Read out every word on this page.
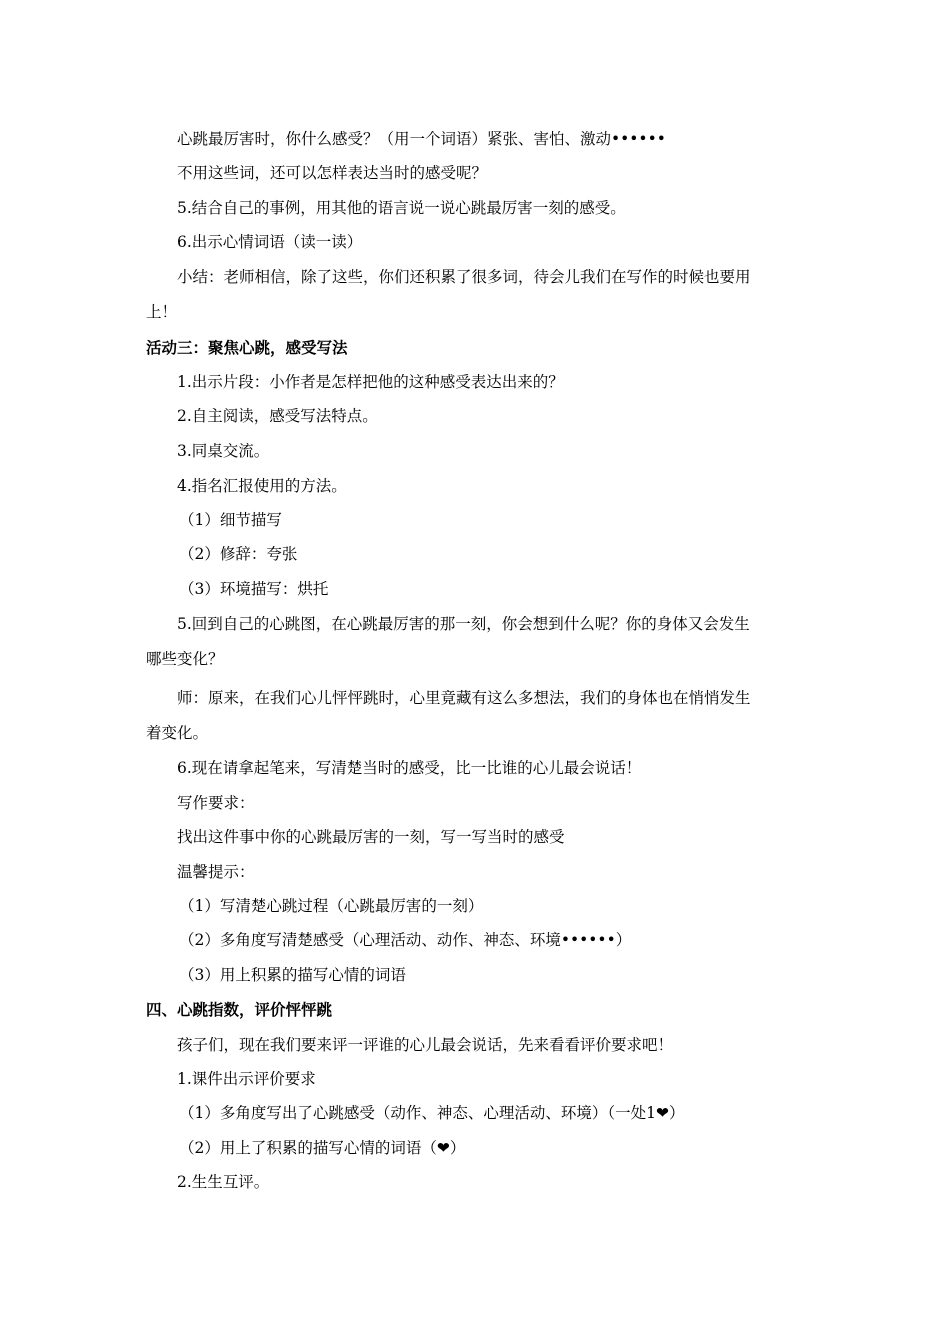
心跳最厉害时，你什么感受？（用一个词语）紧张、害怕、激动••••••
不用这些词，还可以怎样表达当时的感受呢？
5.结合自己的事例，用其他的语言说一说心跳最厉害一刻的感受。
6.出示心情词语（读一读）
小结：老师相信，除了这些，你们还积累了很多词，待会儿我们在写作的时候也要用
上！
活动三：聚焦心跳，感受写法
1.出示片段：小作者是怎样把他的这种感受表达出来的？
2.自主阅读，感受写法特点。
3.同桌交流。
4.指名汇报使用的方法。
（1）细节描写
（2）修辞：夸张
（3）环境描写：烘托
5.回到自己的心跳图，在心跳最厉害的那一刻，你会想到什么呢？你的身体又会发生
哪些变化？
师：原来，在我们心儿怦怦跳时，心里竟藏有这么多想法，我们的身体也在悄悄发生
着变化。
6.现在请拿起笔来，写清楚当时的感受，比一比谁的心儿最会说话！
写作要求：
找出这件事中你的心跳最厉害的一刻，写一写当时的感受
温馨提示：
（1）写清楚心跳过程（心跳最厉害的一刻）
（2）多角度写清楚感受（心理活动、动作、神态、环境••••••）
（3）用上积累的描写心情的词语
四、心跳指数，评价怦怦跳
孩子们，现在我们要来评一评谁的心儿最会说话，先来看看评价要求吧！
1.课件出示评价要求
（1）多角度写出了心跳感受（动作、神态、心理活动、环境）（一处1❤）
（2）用上了积累的描写心情的词语（❤）
2.生生互评。
